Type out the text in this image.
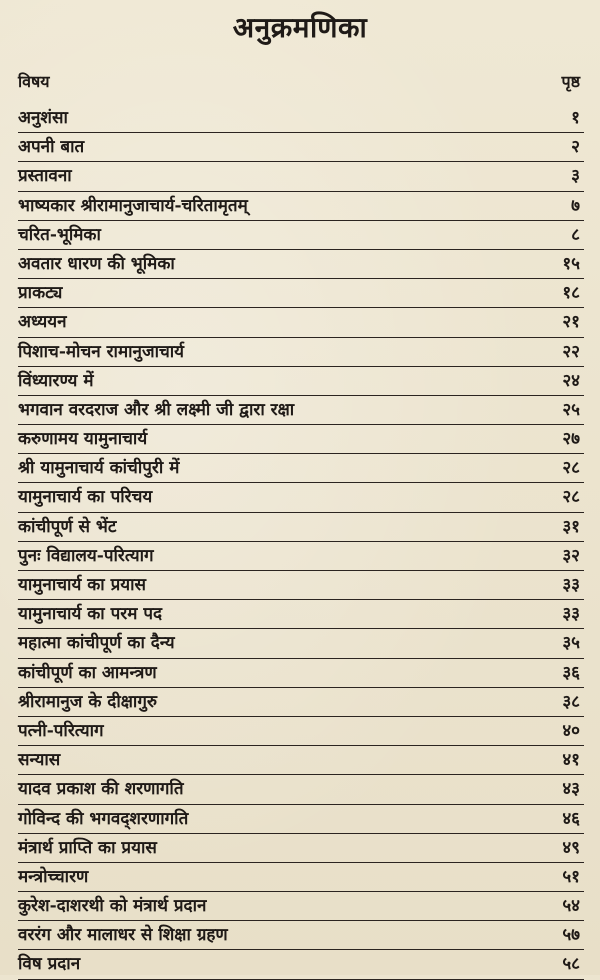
अनुक्रमणिका
विषय	पृष्ठ
अनुशंसा	१
अपनी बात	२
प्रस्तावना	३
भाष्यकार श्रीरामानुजाचार्य-चरितामृतम्	७
चरित-भूमिका	८
अवतार धारण की भूमिका	१५
प्राकट्य	१८
अध्ययन	२१
पिशाच-मोचन रामानुजाचार्य	२२
विंध्यारण्य में	२४
भगवान वरदराज और श्री लक्ष्मी जी द्वारा रक्षा	२५
करुणामय यामुनाचार्य	२७
श्री यामुनाचार्य कांचीपुरी में	२८
यामुनाचार्य का परिचय	२८
कांचीपूर्ण से भेंट	३१
पुनः विद्यालय-परित्याग	३२
यामुनाचार्य का प्रयास	३३
यामुनाचार्य का परम पद	३३
महात्मा कांचीपूर्ण का दैन्य	३५
कांचीपूर्ण का आमन्त्रण	३६
श्रीरामानुज के दीक्षागुरु	३८
पत्नी-परित्याग	४०
सन्यास	४१
यादव प्रकाश की शरणागति	४३
गोविन्द की भगवद्शरणागति	४६
मंत्रार्थ प्राप्ति का प्रयास	४९
मन्त्रोच्चारण	५१
कुरेश-दाशरथी को मंत्रार्थ प्रदान	५४
वररंग और मालाधर से शिक्षा ग्रहण	५७
विष प्रदान	५८
